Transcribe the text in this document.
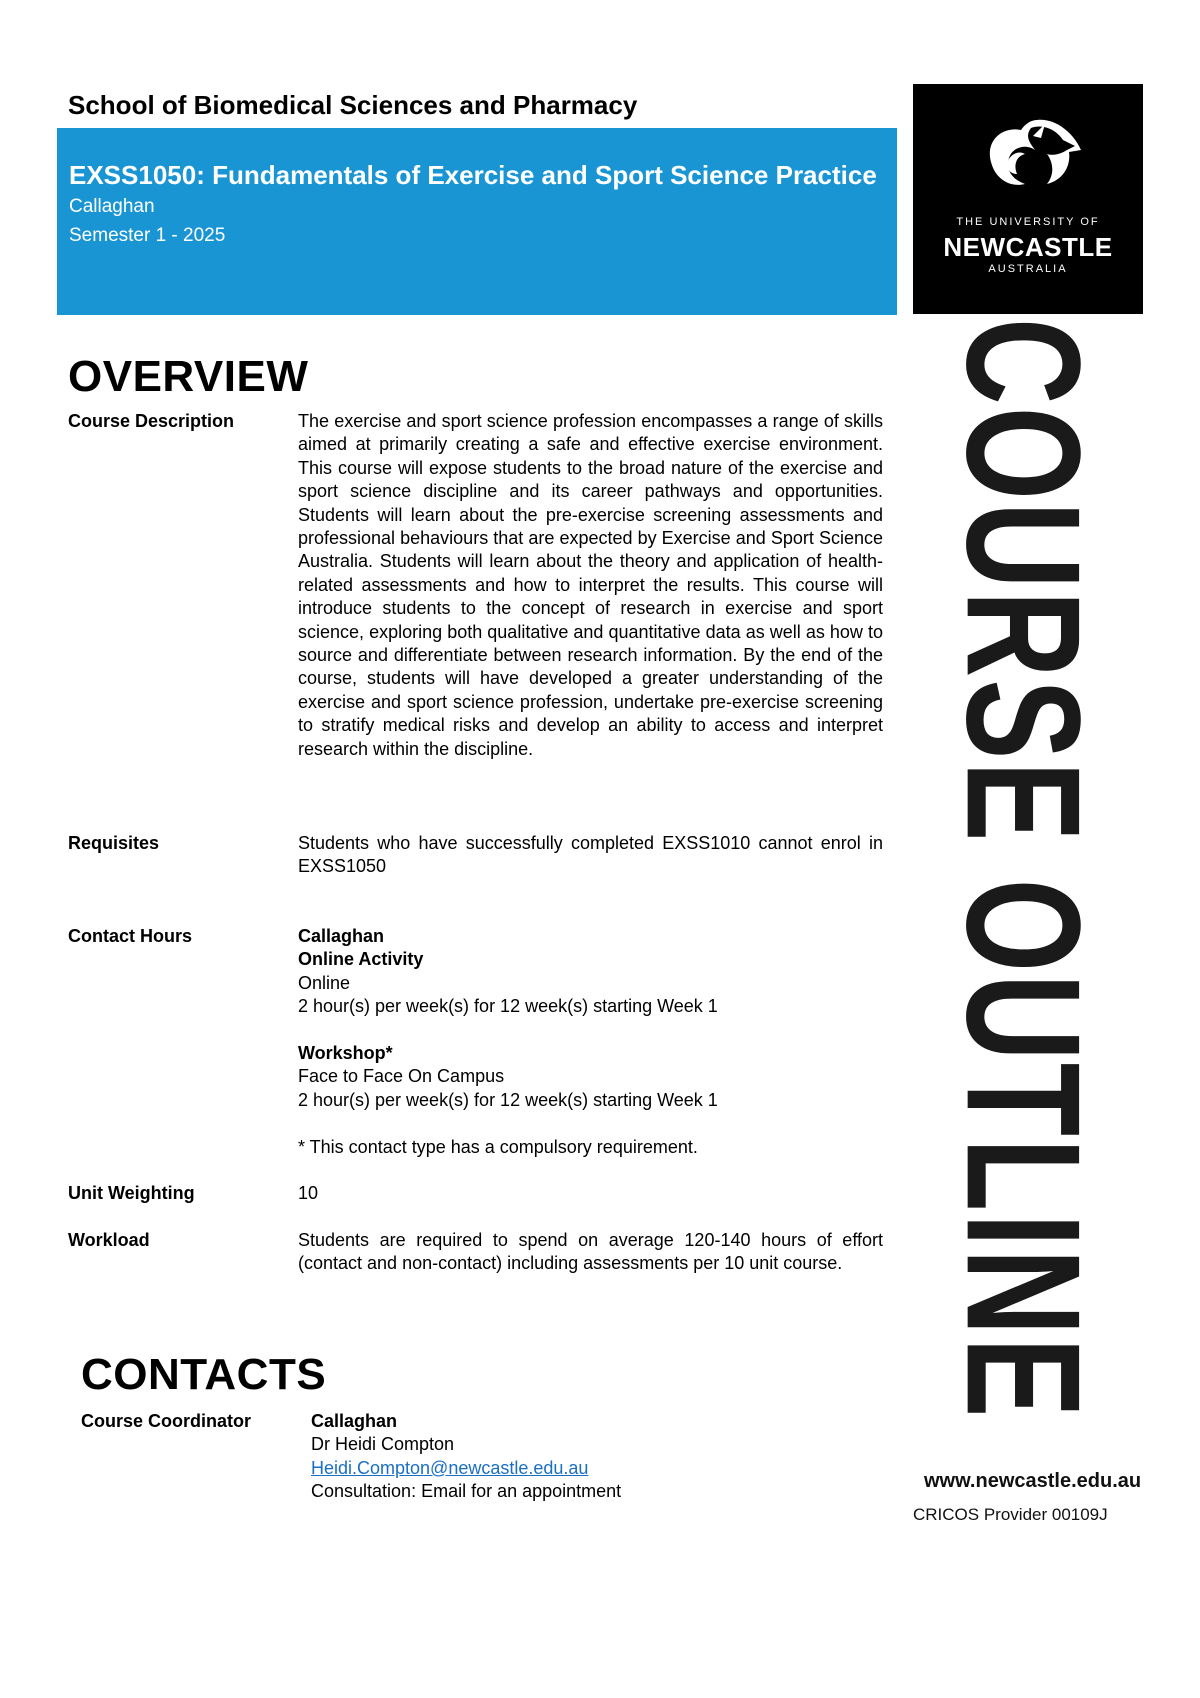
School of Biomedical Sciences and Pharmacy
EXSS1050: Fundamentals of Exercise and Sport Science Practice
Callaghan
Semester 1 - 2025
THE UNIVERSITY OF
NEWCASTLE
AUSTRALIA
COURSE OUTLINE
www.newcastle.edu.au
CRICOS Provider 00109J
OVERVIEW
Course Description	The exercise and sport science profession encompasses a range of skills aimed at primarily creating a safe and effective exercise environment. This course will expose students to the broad nature of the exercise and sport science discipline and its career pathways and opportunities. Students will learn about the pre-exercise screening assessments and professional behaviours that are expected by Exercise and Sport Science Australia. Students will learn about the theory and application of health-related assessments and how to interpret the results. This course will introduce students to the concept of research in exercise and sport science, exploring both qualitative and quantitative data as well as how to source and differentiate between research information. By the end of the course, students will have developed a greater understanding of the exercise and sport science profession, undertake pre-exercise screening to stratify medical risks and develop an ability to access and interpret research within the discipline.
Requisites	Students who have successfully completed EXSS1010 cannot enrol in EXSS1050
Contact Hours	Callaghan
Online Activity
Online
2 hour(s) per week(s) for 12 week(s) starting Week 1
Workshop*
Face to Face On Campus
2 hour(s) per week(s) for 12 week(s) starting Week 1
* This contact type has a compulsory requirement.
Unit Weighting	10
Workload	Students are required to spend on average 120-140 hours of effort (contact and non-contact) including assessments per 10 unit course.
CONTACTS
Course Coordinator	Callaghan
Dr Heidi Compton
Heidi.Compton@newcastle.edu.au
Consultation: Email for an appointment
